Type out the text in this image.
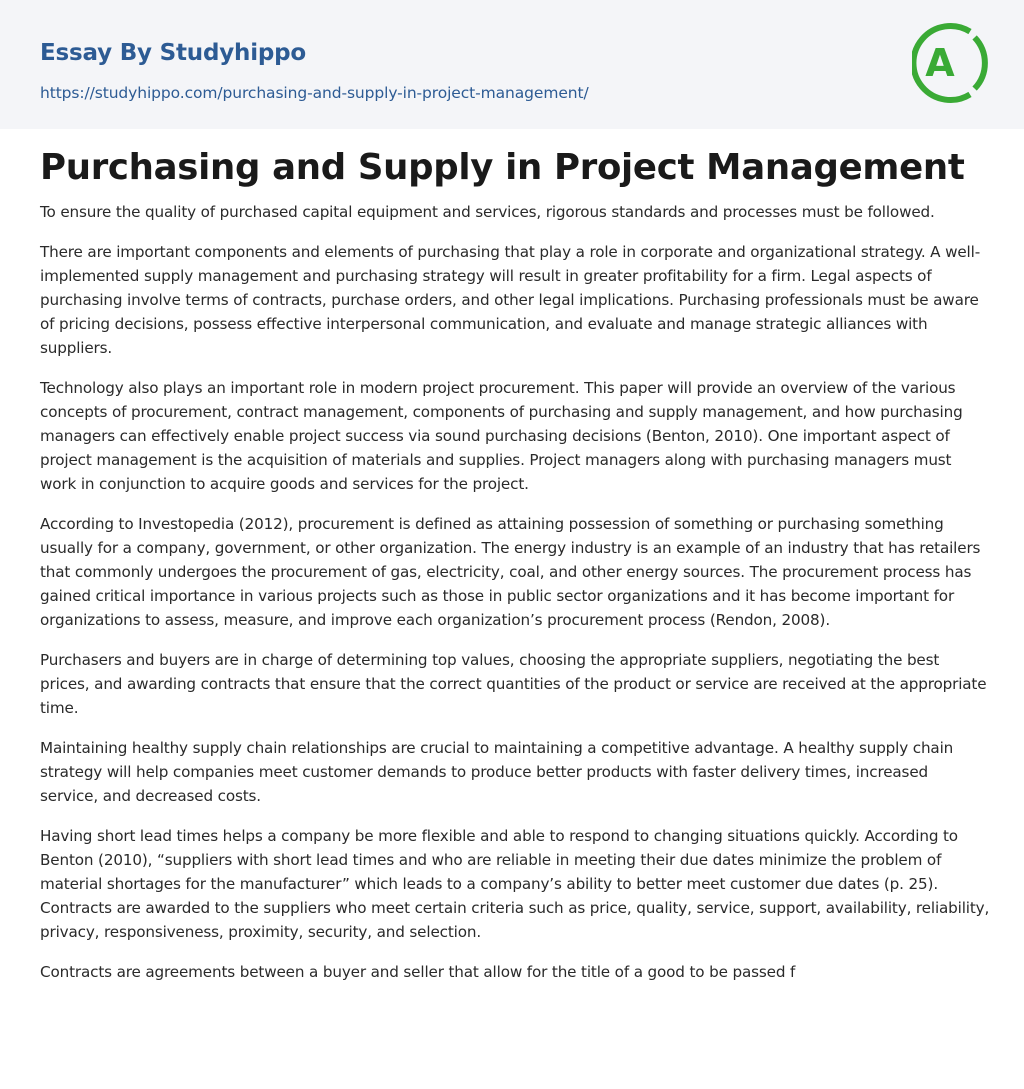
Essay By Studyhippo
https://studyhippo.com/purchasing-and-supply-in-project-management/
A
Purchasing and Supply in Project Management

To ensure the quality of purchased capital equipment and services, rigorous standards and processes must be followed.

There are important components and elements of purchasing that play a role in corporate and organizational strategy. A well-implemented supply management and purchasing strategy will result in greater profitability for a firm. Legal aspects of purchasing involve terms of contracts, purchase orders, and other legal implications. Purchasing professionals must be aware of pricing decisions, possess effective interpersonal communication, and evaluate and manage strategic alliances with suppliers.

Technology also plays an important role in modern project procurement. This paper will provide an overview of the various concepts of procurement, contract management, components of purchasing and supply management, and how purchasing managers can effectively enable project success via sound purchasing decisions (Benton, 2010). One important aspect of project management is the acquisition of materials and supplies. Project managers along with purchasing managers must work in conjunction to acquire goods and services for the project.

According to Investopedia (2012), procurement is defined as attaining possession of something or purchasing something usually for a company, government, or other organization. The energy industry is an example of an industry that has retailers that commonly undergoes the procurement of gas, electricity, coal, and other energy sources. The procurement process has gained critical importance in various projects such as those in public sector organizations and it has become important for organizations to assess, measure, and improve each organization’s procurement process (Rendon, 2008).

Purchasers and buyers are in charge of determining top values, choosing the appropriate suppliers, negotiating the best prices, and awarding contracts that ensure that the correct quantities of the product or service are received at the appropriate time.

Maintaining healthy supply chain relationships are crucial to maintaining a competitive advantage. A healthy supply chain strategy will help companies meet customer demands to produce better products with faster delivery times, increased service, and decreased costs.

Having short lead times helps a company be more flexible and able to respond to changing situations quickly. According to Benton (2010), “suppliers with short lead times and who are reliable in meeting their due dates minimize the problem of material shortages for the manufacturer” which leads to a company’s ability to better meet customer due dates (p. 25). Contracts are awarded to the suppliers who meet certain criteria such as price, quality, service, support, availability, reliability, privacy, responsiveness, proximity, security, and selection.

Contracts are agreements between a buyer and seller that allow for the title of a good to be passed f
